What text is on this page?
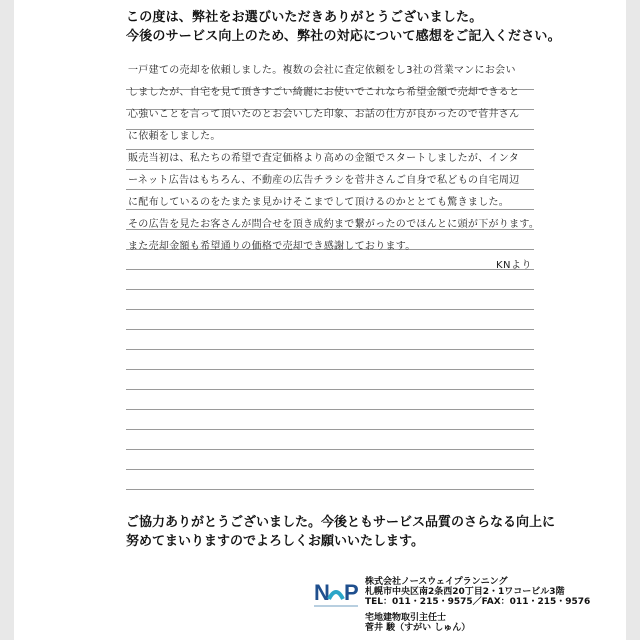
この度は、弊社をお選びいただきありがとうございました。
今後のサービス向上のため、弊社の対応について感想をご記入ください。
一戸建ての売却を依頼しました。複数の会社に査定依頼をし3社の営業マンにお会い
しましたが、自宅を見て頂きすごい綺麗にお使いでこれなら希望金額で売却できると
心強いことを言って頂いたのとお会いした印象、お話の仕方が良かったので菅井さん
に依頼をしました。
販売当初は、私たちの希望で査定価格より高めの金額でスタートしましたが、インタ
ーネット広告はもちろん、不動産の広告チラシを菅井さんご自身で私どもの自宅周辺
に配布しているのをたまたま見かけそこまでして頂けるのかととても驚きました。
その広告を見たお客さんが問合せを頂き成約まで繋がったのでほんとに頭が下がります。
また売却金額も希望通りの価格で売却でき感謝しております。
KNより
ご協力ありがとうございました。今後ともサービス品質のさらなる向上に
努めてまいりますのでよろしくお願いいたします。
N P 株式会社ノースウェイプランニング
札幌市中央区南2条西20丁目2・1ワコービル3階
TEL：011・215・9575／FAX：011・215・9576
宅地建物取引主任士
菅井 駿（すがい しゅん）
